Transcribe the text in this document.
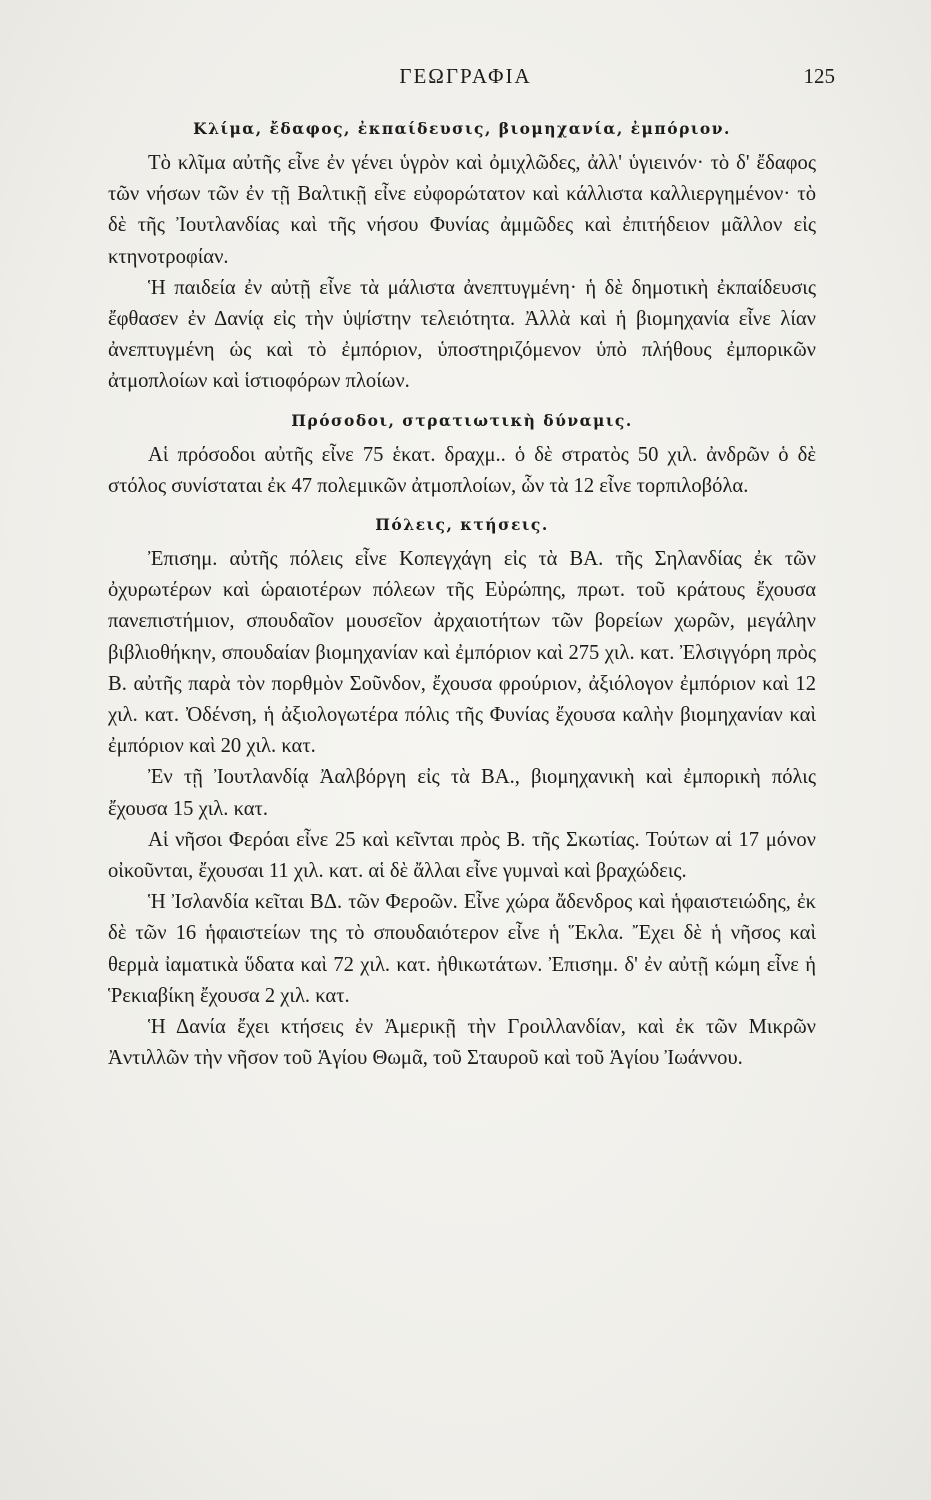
ΓΕΩΓΡΑΦΙΑ	125
Κλίμα, ἔδαφος, ἐκπαίδευσις, βιομηχανία, ἐμπόριον.

Τὸ κλῖμα αὐτῆς εἶνε ἐν γένει ὑγρὸν καὶ ὀμιχλῶδες, ἀλλ' ὑγιεινόν· τὸ δ' ἔδαφος τῶν νήσων τῶν ἐν τῇ Βαλτικῇ εἶνε εὐφορώτατον καὶ κάλλιστα καλλιεργημένον· τὸ δὲ τῆς Ἰουτλανδίας καὶ τῆς νήσου Φυνίας ἀμμῶδες καὶ ἐπιτήδειον μᾶλλον εἰς κτηνοτροφίαν.

Ἡ παιδεία ἐν αὐτῇ εἶνε τὰ μάλιστα ἀνεπτυγμένη· ἡ δὲ δημοτικὴ ἐκπαίδευσις ἔφθασεν ἐν Δανίᾳ εἰς τὴν ὑψίστην τελειότητα. Ἀλλὰ καὶ ἡ βιομηχανία εἶνε λίαν ἀνεπτυγμένη ὡς καὶ τὸ ἐμπόριον, ὑποστηριζόμενον ὑπὸ πλήθους ἐμπορικῶν ἀτμοπλοίων καὶ ἱστιοφόρων πλοίων.

Πρόσοδοι, στρατιωτικὴ δύναμις.

Αἱ πρόσοδοι αὐτῆς εἶνε 75 ἑκατ. δραχμ.. ὁ δὲ στρατὸς 50 χιλ. ἀνδρῶν ὁ δὲ στόλος συνίσταται ἐκ 47 πολεμικῶν ἀτμοπλοίων, ὧν τὰ 12 εἶνε τορπιλοβόλα.

Πόλεις, κτήσεις.

Ἐπισημ. αὐτῆς πόλεις εἶνε Κοπεγχάγη εἰς τὰ ΒΑ. τῆς Σηλανδίας ἐκ τῶν ὀχυρωτέρων καὶ ὡραιοτέρων πόλεων τῆς Εὐρώπης, πρωτ. τοῦ κράτους ἔχουσα πανεπιστήμιον, σπουδαῖον μουσεῖον ἀρχαιοτήτων τῶν βορείων χωρῶν, μεγάλην βιβλιοθήκην, σπουδαίαν βιομηχανίαν καὶ ἐμπόριον καὶ 275 χιλ. κατ. Ἐλσιγγόρη πρὸς Β. αὐτῆς παρὰ τὸν πορθμὸν Σοῦνδον, ἔχουσα φρούριον, ἀξιόλογον ἐμπόριον καὶ 12 χιλ. κατ. Ὀδένση, ἡ ἀξιολογωτέρα πόλις τῆς Φυνίας ἔχουσα καλὴν βιομηχανίαν καὶ ἐμπόριον καὶ 20 χιλ. κατ.

Ἐν τῇ Ἰουτλανδίᾳ Ἀαλβόργη εἰς τὰ ΒΑ., βιομηχανικὴ καὶ ἐμπορικὴ πόλις ἔχουσα 15 χιλ. κατ.

Αἱ νῆσοι Φερόαι εἶνε 25 καὶ κεῖνται πρὸς Β. τῆς Σκωτίας. Τούτων αἱ 17 μόνον οἰκοῦνται, ἔχουσαι 11 χιλ. κατ. αἱ δὲ ἄλλαι εἶνε γυμναὶ καὶ βραχώδεις.

Ἡ Ἰσλανδία κεῖται ΒΔ. τῶν Φεροῶν. Εἶνε χώρα ἄδενδρος καὶ ἡφαιστειώδης, ἐκ δὲ τῶν 16 ἡφαιστείων της τὸ σπουδαιότερον εἶνε ἡ Ἕκλα. Ἔχει δὲ ἡ νῆσος καὶ θερμὰ ἰαματικὰ ὕδατα καὶ 72 χιλ. κατ. ἠθικωτάτων. Ἐπισημ. δ' ἐν αὐτῇ κώμη εἶνε ἡ Ῥεκιαβίκη ἔχουσα 2 χιλ. κατ.

Ἡ Δανία ἔχει κτήσεις ἐν Ἀμερικῇ τὴν Γροιλλανδίαν, καὶ ἐκ τῶν Μικρῶν Ἀντιλλῶν τὴν νῆσον τοῦ Ἁγίου Θωμᾶ, τοῦ Σταυροῦ καὶ τοῦ Ἁγίου Ἰωάννου.
